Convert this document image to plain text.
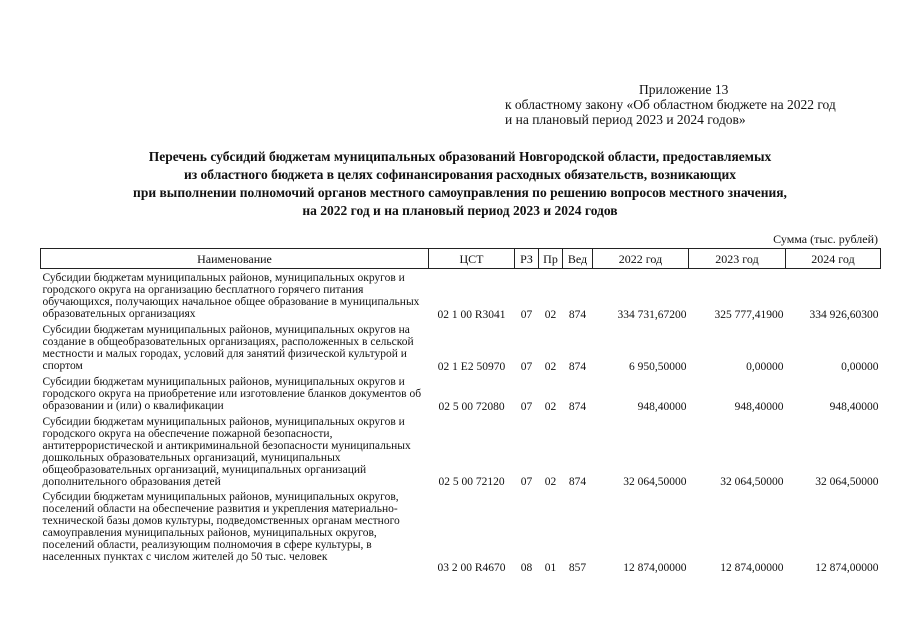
Приложение 13
к областному закону «Об областном бюджете на 2022 год
и на плановый период 2023 и 2024 годов»
Перечень субсидий бюджетам муниципальных образований Новгородской области, предоставляемых
из областного бюджета в целях софинансирования расходных обязательств, возникающих
при выполнении полномочий органов местного самоуправления по решению вопросов местного значения,
на 2022 год и на плановый период 2023 и 2024 годов
Сумма (тыс. рублей)
Наименование	ЦСТ	РЗ	Пр	Вед	2022 год	2023 год	2024 год
Субсидии бюджетам муниципальных районов, муниципальных округов и городского округа на организацию бесплатного горячего питания обучающихся, получающих начальное общее образование в муниципальных образовательных организациях	02 1 00 R3041	07	02	874	334 731,67200	325 777,41900	334 926,60300
Субсидии бюджетам муниципальных районов, муниципальных округов на создание в общеобразовательных организациях, расположенных в сельской местности и малых городах, условий для занятий физической культурой и спортом	02 1 E2 50970	07	02	874	6 950,50000	0,00000	0,00000
Субсидии бюджетам муниципальных районов, муниципальных округов и городского округа на приобретение или изготовление бланков документов об образовании и (или) о квалификации	02 5 00 72080	07	02	874	948,40000	948,40000	948,40000
Субсидии бюджетам муниципальных районов, муниципальных округов и городского округа на обеспечение пожарной безопасности, антитеррористической и антикриминальной безопасности муниципальных дошкольных образовательных организаций, муниципальных общеобразовательных организаций, муниципальных организаций дополнительного образования детей	02 5 00 72120	07	02	874	32 064,50000	32 064,50000	32 064,50000
Субсидии бюджетам муниципальных районов, муниципальных округов, поселений области на обеспечение развития и укрепления материально-технической базы домов культуры, подведомственных органам местного самоуправления муниципальных районов, муниципальных округов, поселений области, реализующим полномочия в сфере культуры, в населенных пунктах с числом жителей до 50 тыс. человек	03 2 00 R4670	08	01	857	12 874,00000	12 874,00000	12 874,00000
